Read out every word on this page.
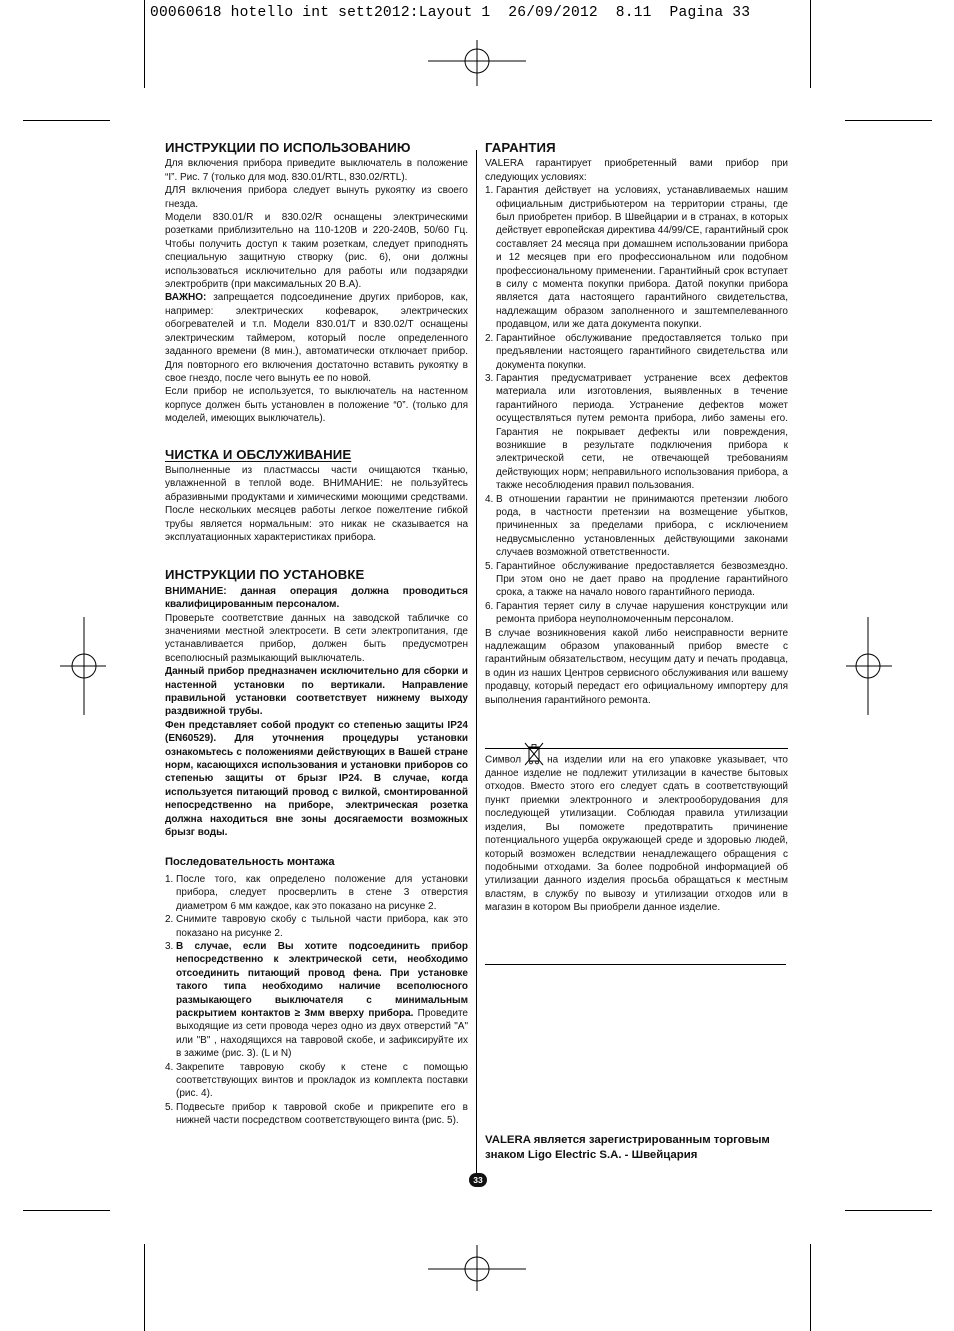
00060618 hotello int sett2012:Layout 1  26/09/2012  8.11  Pagina 33
ИНСТРУКЦИИ ПО ИСПОЛЬЗОВАНИЮ

Для включения прибора приведите выключатель в положение “I”. Рис. 7 (только для мод. 830.01/RTL, 830.02/RTL).

ДЛЯ включения прибора следует вынуть рукоятку из своего гнезда.

Модели 830.01/R и 830.02/R оснащены электрическими розетками приблизительно на 110-120В и 220-240В, 50/60 Гц. Чтобы получить доступ к таким розеткам, следует приподнять специальную защитную створку (рис. 6), они должны использоваться исключительно для работы или подзарядки электробритв (при максимальных 20 В.А).

ВАЖНО: запрещается подсоединение других приборов, как, например: электрических кофеварок, электрических обогревателей и т.п. Модели 830.01/T и 830.02/T оснащены электрическим таймером, который после определенного заданного времени (8 мин.), автоматически отключает прибор. Для повторного его включения достаточно вставить рукоятку в свое гнездо, после чего вынуть ее по новой.

Если прибор не используется, то выключатель на настенном корпусе должен быть установлен в положение “0”. (только для моделей, имеющих выключатель).

ЧИСТКА И ОБСЛУЖИВАНИЕ

Выполненные из пластмассы части очищаются тканью, увлажненной в теплой воде. ВНИМАНИЕ: не пользуйтесь абразивными продуктами и химическими моющими средствами. После нескольких месяцев работы легкое пожелтение гибкой трубы является нормальным: это никак не сказывается на эксплуатационных характеристиках прибора.

ИНСТРУКЦИИ ПО УСТАНОВКЕ

ВНИМАНИЕ: данная операция должна проводиться квалифицированным персоналом.

Проверьте соответствие данных на заводской табличке со значениями местной электросети. В сети электропитания, где устанавливается прибор, должен быть предусмотрен всеполюсный размыкающий выключатель.

Данный прибор предназначен исключительно для сборки и настенной установки по вертикали. Направление правильной установки соответствует нижнему выходу раздвижной трубы.

Фен представляет собой продукт со степенью защиты IP24 (EN60529). Для уточнения процедуры установки ознакомьтесь с положениями действующих в Вашей стране норм, касающихся использования и установки приборов со степенью защиты от брызг IP24. В случае, когда используется питающий провод с вилкой, смонтированной непосредственно на приборе, электрическая розетка должна находиться вне зоны досягаемости возможных брызг воды.

Последовательность монтажа
1. После того, как определено положение для установки прибора, следует просверлить в стене 3 отверстия диаметром 6 мм каждое, как это показано на рисунке 2.
2. Снимите тавровую скобу с тыльной части прибора, как это показано на рисунке 2.
3. В случае, если Вы хотите подсоединить прибор непосредственно к электрической сети, необходимо отсоединить питающий провод фена. При установке такого типа необходимо наличие всеполюсного размыкающего выключателя с минимальным раскрытием контактов ≥ 3мм вверху прибора. Проведите выходящие из сети провода через одно из двух отверстий "A" или "B" , находящихся на тавровой скобе, и зафиксируйте их в зажиме (рис. 3). (L и N)
4. Закрепите тавровую скобу к стене с помощью соответствующих винтов и прокладок из комплекта поставки (рис. 4).
5. Подвесьте прибор к тавровой скобе и прикрепите его в нижней части посредством соответствующего винта (рис. 5).
ГАРАНТИЯ

VALERA гарантирует приобретенный вами прибор при следующих условиях:

1. Гарантия действует на условиях, устанавливаемых нашим официальным дистрибьютером на территории страны, где был приобретен прибор. В Швейцарии и в странах, в которых действует европейская директива 44/99/CE, гарантийный срок составляет 24 месяца при домашнем использовании прибора и 12 месяцев при его профессиональном или подобном профессиональному применении. Гарантийный срок вступает в силу с момента покупки прибора. Датой покупки прибора является дата настоящего гарантийного свидетельства, надлежащим образом заполненного и заштемпелеванного продавцом, или же дата документа покупки.
2. Гарантийное обслуживание предоставляется только при предъявлении настоящего гарантийного свидетельства или документа покупки.
3. Гарантия предусматривает устранение всех дефектов материала или изготовления, выявленных в течение гарантийного периода. Устранение дефектов может осуществляться путем ремонта прибора, либо замены его. Гарантия не покрывает дефекты или повреждения, возникшие в результате подключения прибора к электрической сети, не отвечающей требованиям действующих норм; неправильного использования прибора, а также несоблюдения правил пользования.
4. В отношении гарантии не принимаются претензии любого рода, в частности претензии на возмещение убытков, причиненных за пределами прибора, с исключением недвусмысленно установленных действующими законами случаев возможной ответственности.
5. Гарантийное обслуживание предоставляется безвозмездно. При этом оно не дает право на продление гарантийного срока, а также на начало нового гарантийного периода.
6. Гарантия теряет силу в случае нарушения конструкции или ремонта прибора неуполномоченным персоналом.

В случае возникновения какой либо неисправности верните надлежащим образом упакованный прибор вместе с гарантийным обязательством, несущим дату и печать продавца, в один из наших Центров сервисного обслуживания или вашему продавцу, который передаст его официальному импортеру для выполнения гарантийного ремонта.

Символ	на изделии или на его упаковке указывает, что данное изделие не подлежит утилизации в качестве бытовых отходов. Вместо этого его следует сдать в соответствующий пункт приемки электронного и электрооборудования для последующей утилизации. Соблюдая правила утилизации изделия, Вы поможете предотвратить причинение потенциального ущерба окружающей среде и здоровью людей, который возможен вследствии ненадлежащего обращения с подобными отходами. За более подробной информацией об утилизации данного изделия просьба обращаться к местным властям, в службу по вывозу и утилизации отходов или в магазин в котором Вы приобрели данное изделие.

VALERA является зарегистрированным торговым знаком Ligo Electric S.A. - Швейцария

33
